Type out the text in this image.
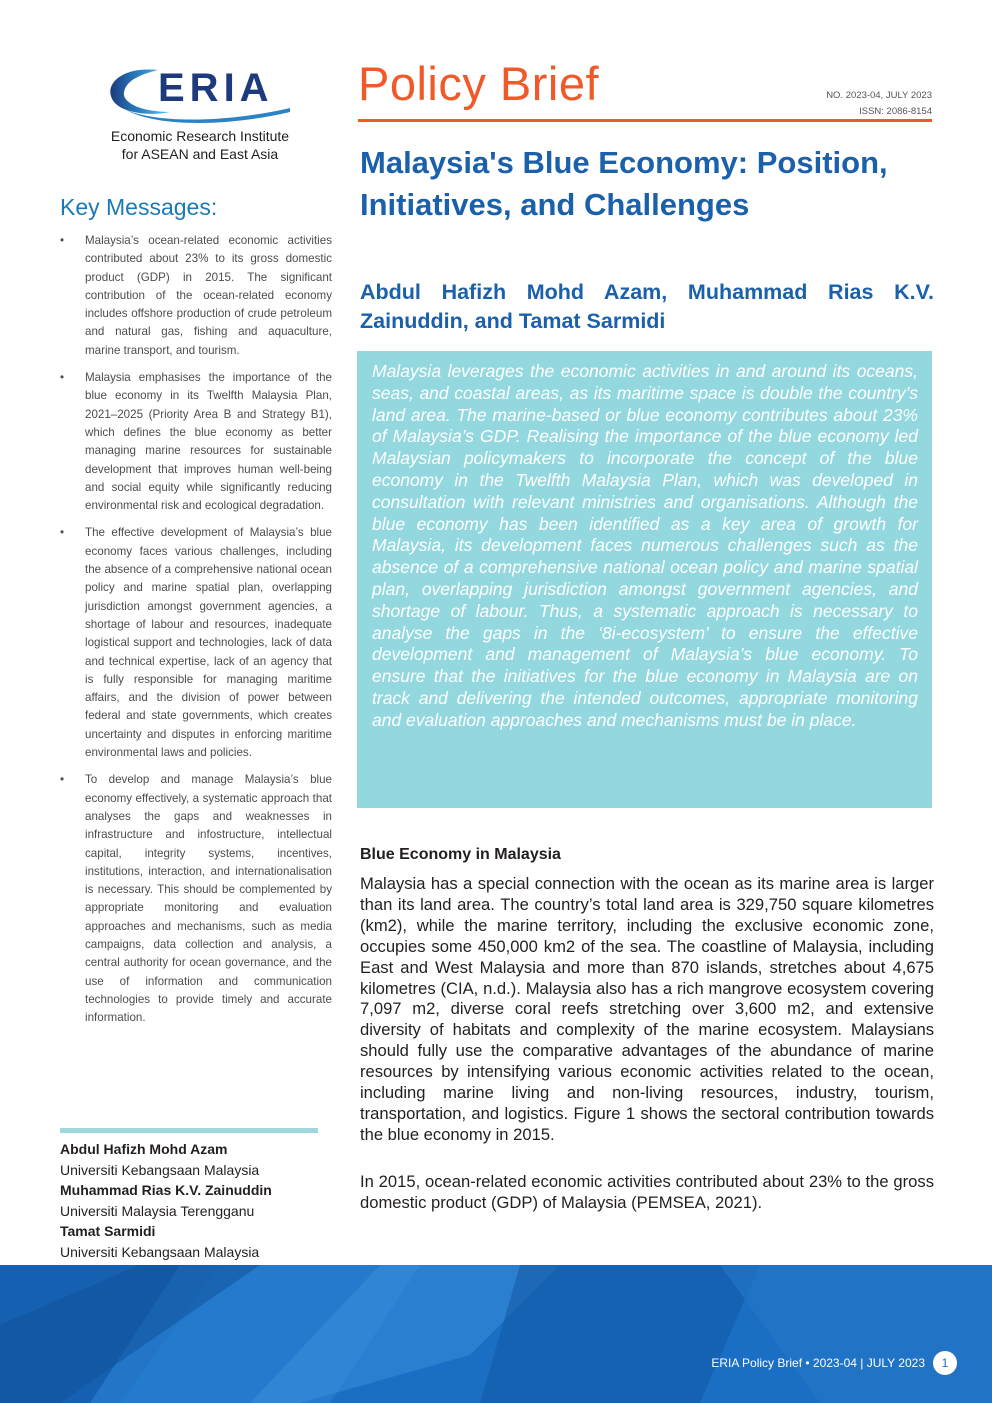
ERIA
Economic Research Institute
for ASEAN and East Asia
Policy Brief	NO. 2023-04, JULY 2023
ISSN: 2086-8154
Key Messages:
• Malaysia’s ocean-related economic activities contributed about 23% to its gross domestic product (GDP) in 2015. The significant contribution of the ocean-related economy includes offshore production of crude petroleum and natural gas, fishing and aquaculture, marine transport, and tourism.
• Malaysia emphasises the importance of the blue economy in its Twelfth Malaysia Plan, 2021–2025 (Priority Area B and Strategy B1), which defines the blue economy as better managing marine resources for sustainable development that improves human well-being and social equity while significantly reducing environmental risk and ecological degradation.
• The effective development of Malaysia’s blue economy faces various challenges, including the absence of a comprehensive national ocean policy and marine spatial plan, overlapping jurisdiction amongst government agencies, a shortage of labour and resources, inadequate logistical support and technologies, lack of data and technical expertise, lack of an agency that is fully responsible for managing maritime affairs, and the division of power between federal and state governments, which creates uncertainty and disputes in enforcing maritime environmental laws and policies.
• To develop and manage Malaysia’s blue economy effectively, a systematic approach that analyses the gaps and weaknesses in infrastructure and infostructure, intellectual capital, integrity systems, incentives, institutions, interaction, and internationalisation is necessary. This should be complemented by appropriate monitoring and evaluation approaches and mechanisms, such as media campaigns, data collection and analysis, a central authority for ocean governance, and the use of information and communication technologies to provide timely and accurate information.
Abdul Hafizh Mohd Azam
Universiti Kebangsaan Malaysia
Muhammad Rias K.V. Zainuddin
Universiti Malaysia Terengganu
Tamat Sarmidi
Universiti Kebangsaan Malaysia
Malaysia's Blue Economy: Position, Initiatives, and Challenges
Abdul Hafizh Mohd Azam, Muhammad Rias K.V. Zainuddin, and Tamat Sarmidi
Malaysia leverages the economic activities in and around its oceans, seas, and coastal areas, as its maritime space is double the country’s land area. The marine-based or blue economy contributes about 23% of Malaysia’s GDP. Realising the importance of the blue economy led Malaysian policymakers to incorporate the concept of the blue economy in the Twelfth Malaysia Plan, which was developed in consultation with relevant ministries and organisations. Although the blue economy has been identified as a key area of growth for Malaysia, its development faces numerous challenges such as the absence of a comprehensive national ocean policy and marine spatial plan, overlapping jurisdiction amongst government agencies, and shortage of labour. Thus, a systematic approach is necessary to analyse the gaps in the ‘8i-ecosystem’ to ensure the effective development and management of Malaysia’s blue economy. To ensure that the initiatives for the blue economy in Malaysia are on track and delivering the intended outcomes, appropriate monitoring and evaluation approaches and mechanisms must be in place.
Blue Economy in Malaysia

Malaysia has a special connection with the ocean as its marine area is larger than its land area. The country’s total land area is 329,750 square kilometres (km2), while the marine territory, including the exclusive economic zone, occupies some 450,000 km2 of the sea. The coastline of Malaysia, including East and West Malaysia and more than 870 islands, stretches about 4,675 kilometres (CIA, n.d.). Malaysia also has a rich mangrove ecosystem covering 7,097 m2, diverse coral reefs stretching over 3,600 m2, and extensive diversity of habitats and complexity of the marine ecosystem. Malaysians should fully use the comparative advantages of the abundance of marine resources by intensifying various economic activities related to the ocean, including marine living and non-living resources, industry, tourism, transportation, and logistics. Figure 1 shows the sectoral contribution towards the blue economy in 2015.

In 2015, ocean-related economic activities contributed about 23% to the gross domestic product (GDP) of Malaysia (PEMSEA, 2021).

ERIA Policy Brief • 2023-04 | JULY 2023	1
